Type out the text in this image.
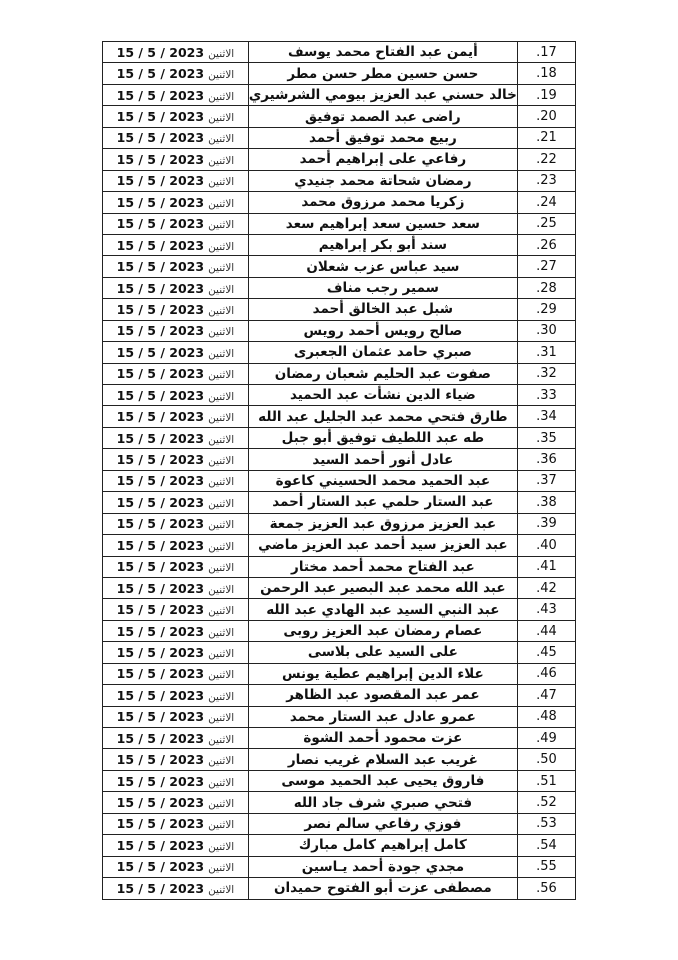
.17	أيمن عبد الفتاح محمد يوسف	الاثنين15 / 5 / 2023
.18	حسن حسين مطر حسن مطر	الاثنين15 / 5 / 2023
.19	خالد حسني عبد العزيز بيومي الشرشيري	الاثنين15 / 5 / 2023
.20	راضى عبد الصمد توفيق	الاثنين15 / 5 / 2023
.21	ربيع محمد توفيق أحمد	الاثنين15 / 5 / 2023
.22	رفاعي على إبراهيم أحمد	الاثنين15 / 5 / 2023
.23	رمضان شحاتة محمد جنيدي	الاثنين15 / 5 / 2023
.24	زكريا محمد مرزوق محمد	الاثنين15 / 5 / 2023
.25	سعد حسين سعد إبراهيم سعد	الاثنين15 / 5 / 2023
.26	سند أبو بكر إبراهيم	الاثنين15 / 5 / 2023
.27	سيد عباس عزب شعلان	الاثنين15 / 5 / 2023
.28	سمير رجب مناف	الاثنين15 / 5 / 2023
.29	شبل عبد الخالق أحمد	الاثنين15 / 5 / 2023
.30	صالح رويس أحمد رويس	الاثنين15 / 5 / 2023
.31	صبري حامد عثمان الجعبرى	الاثنين15 / 5 / 2023
.32	صفوت عبد الحليم شعبان رمضان	الاثنين15 / 5 / 2023
.33	ضياء الدين نشأت عبد الحميد	الاثنين15 / 5 / 2023
.34	طارق فتحي محمد عبد الجليل عبد الله	الاثنين15 / 5 / 2023
.35	طه عبد اللطيف توفيق أبو جبل	الاثنين15 / 5 / 2023
.36	عادل أنور أحمد السيد	الاثنين15 / 5 / 2023
.37	عبد الحميد محمد الحسيني كاعوة	الاثنين15 / 5 / 2023
.38	عبد الستار حلمي عبد الستار أحمد	الاثنين15 / 5 / 2023
.39	عبد العزيز مرزوق عبد العزيز جمعة	الاثنين15 / 5 / 2023
.40	عبد العزيز سيد أحمد عبد العزيز ماضي	الاثنين15 / 5 / 2023
.41	عبد الفتاح محمد أحمد مختار	الاثنين15 / 5 / 2023
.42	عبد الله محمد عبد البصير عبد الرحمن	الاثنين15 / 5 / 2023
.43	عبد النبي السيد عبد الهادي عبد الله	الاثنين15 / 5 / 2023
.44	عصام رمضان عبد العزيز روبى	الاثنين15 / 5 / 2023
.45	على السيد على بلاسى	الاثنين15 / 5 / 2023
.46	علاء الدين إبراهيم عطية يونس	الاثنين15 / 5 / 2023
.47	عمر عبد المقصود عبد الظاهر	الاثنين15 / 5 / 2023
.48	عمرو عادل عبد الستار محمد	الاثنين15 / 5 / 2023
.49	عزت محمود أحمد الشوة	الاثنين15 / 5 / 2023
.50	غريب عبد السلام غريب نصار	الاثنين15 / 5 / 2023
.51	فاروق يحيى عبد الحميد موسى	الاثنين15 / 5 / 2023
.52	فتحي صبري شرف جاد الله	الاثنين15 / 5 / 2023
.53	فوزي رفاعي سالم نصر	الاثنين15 / 5 / 2023
.54	كامل إبراهيم كامل مبارك	الاثنين15 / 5 / 2023
.55	مجدي جودة أحمد يـاسين	الاثنين15 / 5 / 2023
.56	مصطفى عزت أبو الفتوح حميدان	الاثنين15 / 5 / 2023
